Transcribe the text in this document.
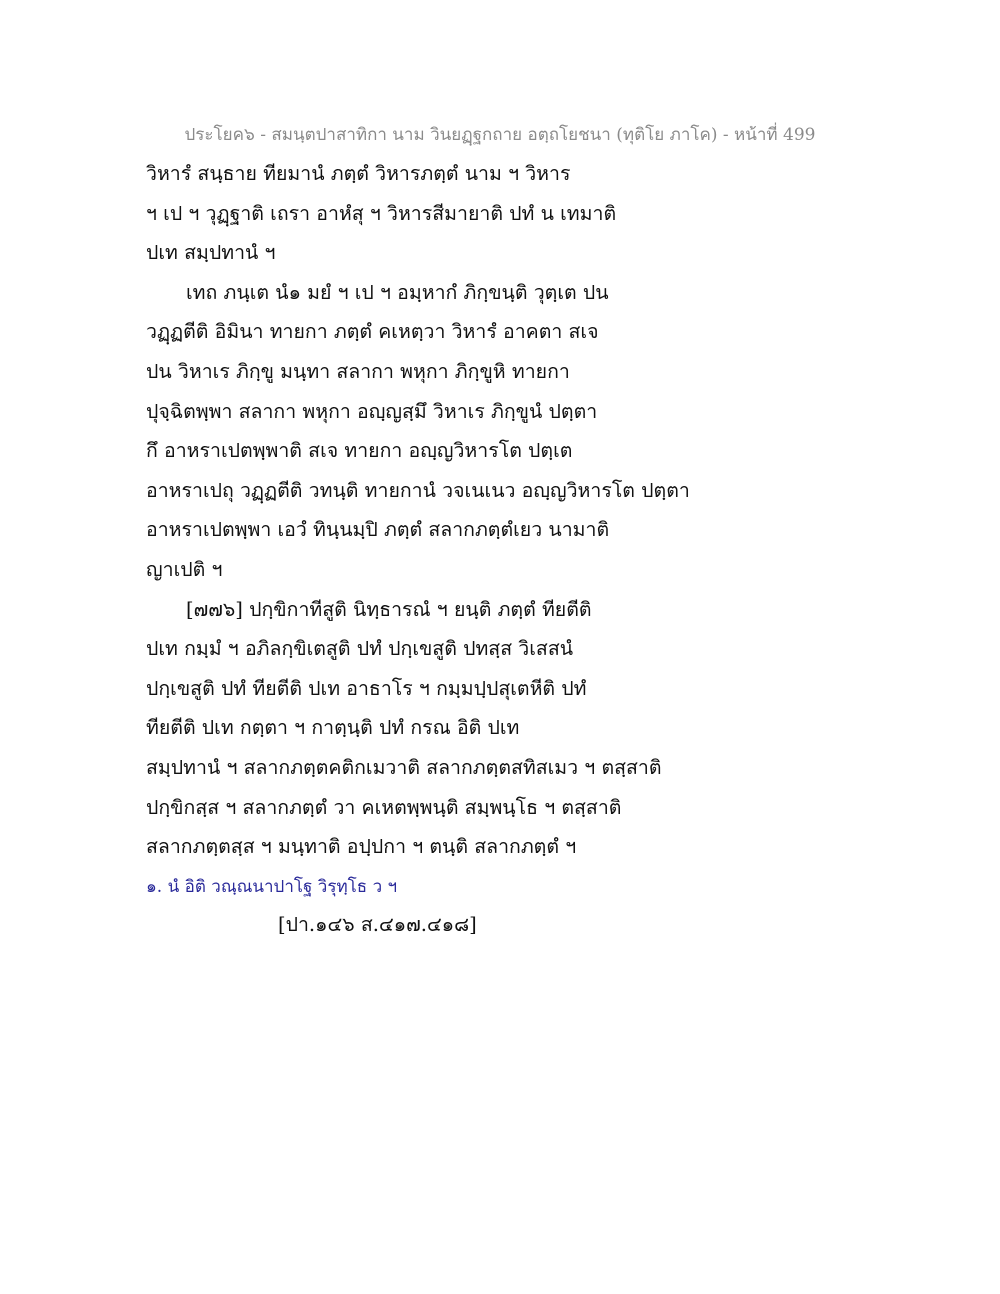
ประโยค๖ - สมนฺตปาสาทิกา นาม วินยฏฺฐกถาย อตฺถโยชนา (ทุติโย ภาโค) - หน้าที่ 499
วิหารํ สนฺธาย ทียมานํ ภตฺตํ วิหารภตฺตํ นาม ฯ วิหาร
ฯ เป ฯ วุฏฺฐาติ เถรา อาหํสุ ฯ วิหารสีมายาติ ปทํ น เทมาติ
ปเท สมฺปทานํ ฯ
เทถ ภนฺเต นํ๑ มยํ ฯ เป ฯ อมฺหากํ ภิกฺขนฺติ วุตฺเต ปน
วฏฺฏตีติ อิมินา ทายกา ภตฺตํ คเหตฺวา วิหารํ อาคตา สเจ
ปน วิหาเร ภิกฺขู มนฺทา สลากา พหุกา ภิกฺขูหิ ทายกา
ปุจฺฉิตพฺพา สลากา พหุกา อญฺญสฺมึ วิหาเร ภิกฺขูนํ ปตฺตา
กึ อาหราเปตพฺพาติ สเจ ทายกา อญฺญวิหารโต ปตฺเต
อาหราเปถุ วฏฺฏตีติ วทนฺติ ทายกานํ วจเนเนว อญฺญวิหารโต ปตฺตา
อาหราเปตพฺพา เอวํ ทินฺนมฺปิ ภตฺตํ สลากภตฺตํเยว นามาติ
ญาเปติ ฯ
[๗๗๖] ปกฺขิกาทีสูติ นิทฺธารณํ ฯ ยนฺติ ภตฺตํ ทียตีติ
ปเท กมฺมํ ฯ อภิลกฺขิเตสูติ ปทํ ปกฺเขสูติ ปทสฺส วิเสสนํ
ปกฺเขสูติ ปทํ ทียตีติ ปเท อาธาโร ฯ กมฺมปฺปสุเตหีติ ปทํ
ทียตีติ ปเท กตฺตา ฯ กาตฺนฺติ ปทํ กรณ อิติ ปเท
สมฺปทานํ ฯ สลากภตฺตคติกเมวาติ สลากภตฺตสทิสเมว ฯ ตสฺสาติ
ปกฺขิกสฺส ฯ สลากภตฺตํ วา คเหตพฺพนฺติ สมฺพนฺโธ ฯ ตสฺสาติ
สลากภตฺตสฺส ฯ มนฺทาติ อปฺปกา ฯ ตนฺติ สลากภตฺตํ ฯ
๑. นํ อิติ วณฺณนาปาโฐ วิรุทฺโธ ว ฯ
[ปา.๑๔๖ ส.๔๑๗.๔๑๘]
